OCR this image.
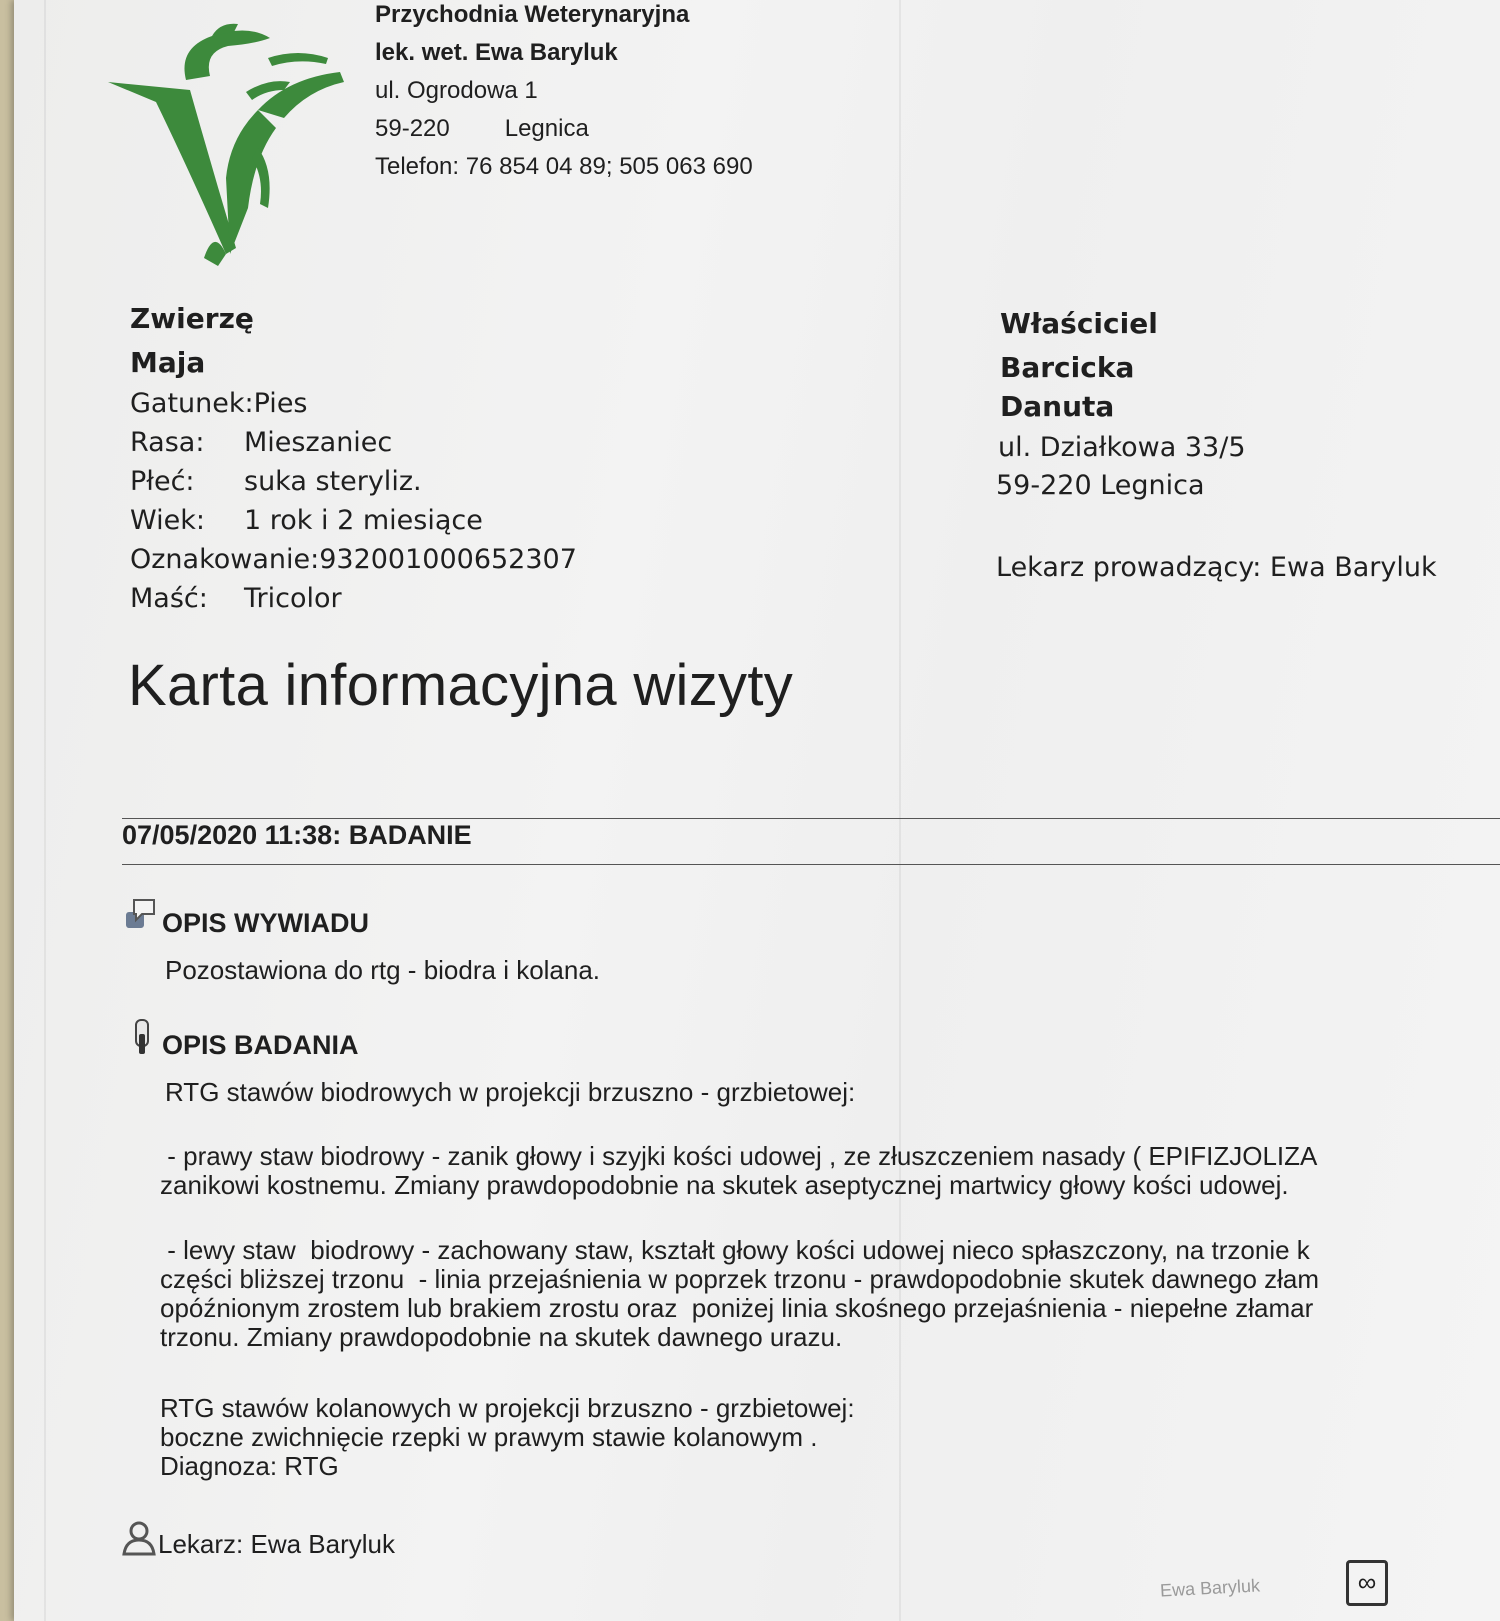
Przychodnia Weterynaryjna
lek. wet. Ewa Baryluk
ul. Ogrodowa 1
59-220 Legnica
Telefon: 76 854 04 89; 505 063 690
Zwierzę
Maja
Gatunek:Pies
Rasa: Mieszaniec
Płeć: suka steryliz.
Wiek: 1 rok i 2 miesiące
Oznakowanie:932001000652307
Maść: Tricolor
Właściciel
Barcicka
Danuta
ul. Działkowa 33/5
59-220 Legnica
Lekarz prowadzący: Ewa Baryluk
Karta informacyjna wizyty
07/05/2020 11:38: BADANIE
OPIS WYWIADU
Pozostawiona do rtg - biodra i kolana.
OPIS BADANIA
RTG stawów biodrowych w projekcji brzuszno - grzbietowej:
- prawy staw biodrowy - zanik głowy i szyjki kości udowej , ze złuszczeniem nasady ( EPIFIZJOLIZA
zanikowi kostnemu. Zmiany prawdopodobnie na skutek aseptycznej martwicy głowy kości udowej.
- lewy staw  biodrowy - zachowany staw, kształt głowy kości udowej nieco spłaszczony, na trzonie k
części bliższej trzonu  - linia przejaśnienia w poprzek trzonu - prawdopodobnie skutek dawnego złam
opóźnionym zrostem lub brakiem zrostu oraz  poniżej linia skośnego przejaśnienia - niepełne złamar
trzonu. Zmiany prawdopodobnie na skutek dawnego urazu.
RTG stawów kolanowych w projekcji brzuszno - grzbietowej:
boczne zwichnięcie rzepki w prawym stawie kolanowym .
Diagnoza: RTG
Lekarz: Ewa Baryluk
Ewa Baryluk	∞
